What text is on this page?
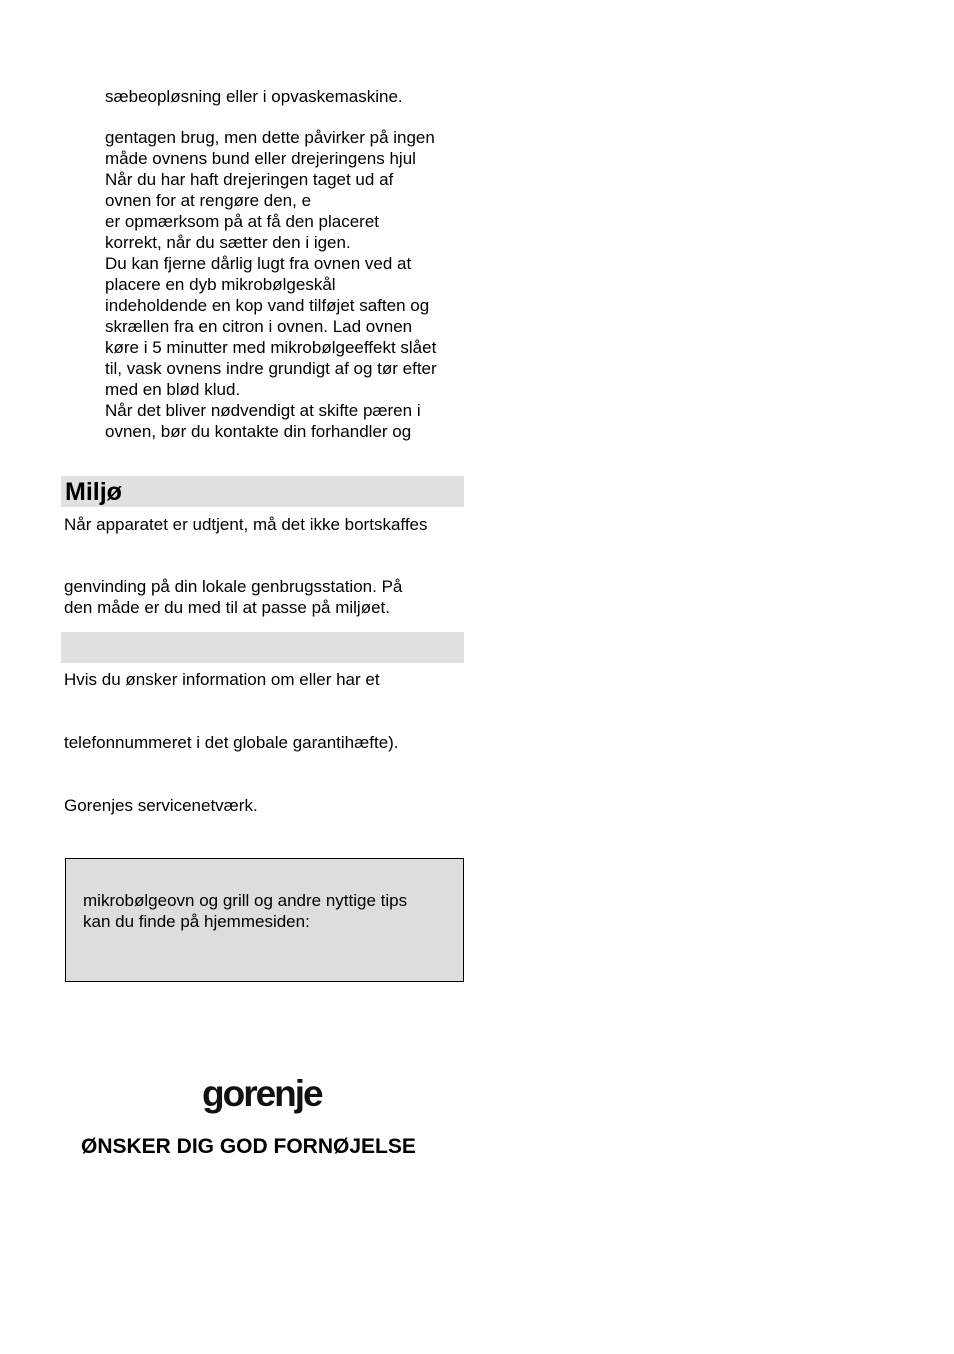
sæbeopløsning eller i opvaskemaskine.
gentagen brug, men dette påvirker på ingen
måde ovnens bund eller drejeringens hjul
Når du har haft drejeringen taget ud af
ovnen for at rengøre den, e
er opmærksom på at få den placeret
korrekt, når du sætter den i igen.
Du kan fjerne dårlig lugt fra ovnen ved at
placere en dyb mikrobølgeskål
indeholdende en kop vand tilføjet saften og
skrællen fra en citron i ovnen. Lad ovnen
køre i 5 minutter med mikrobølgeeffekt slået
til, vask ovnens indre grundigt af og tør efter
med en blød klud.
Når det bliver nødvendigt at skifte pæren i
ovnen, bør du kontakte din forhandler og
Miljø
Når apparatet er udtjent, må det ikke bortskaffes
genvinding på din lokale genbrugsstation. På
den måde er du med til at passe på miljøet.
Hvis du ønsker information om eller har et
telefonnummeret i det globale garantihæfte).
Gorenjes servicenetværk.
mikrobølgeovn og grill og andre nyttige tips
kan du finde på hjemmesiden:
gorenje
ØNSKER DIG GOD FORNØJELSE
